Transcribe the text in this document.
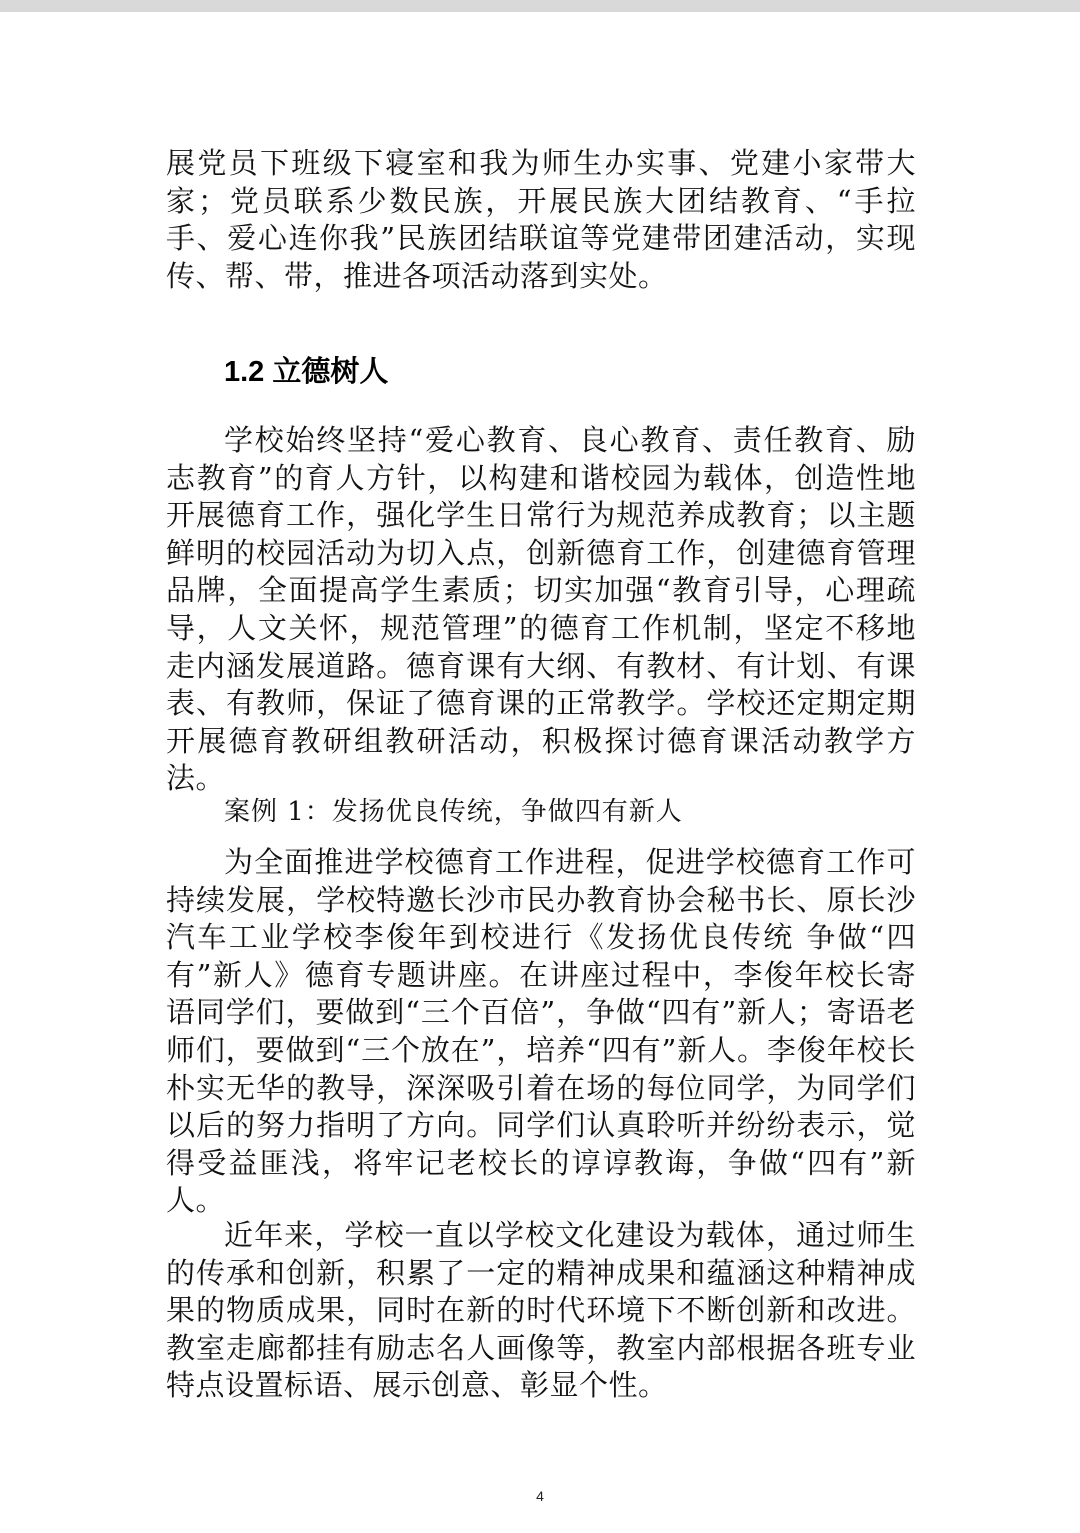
展党员下班级下寝室和我为师生办实事、党建小家带大家；党员联系少数民族，开展民族大团结教育、“手拉手、爱心连你我”民族团结联谊等党建带团建活动，实现传、帮、带，推进各项活动落到实处。

1.2 立德树人

学校始终坚持“爱心教育、良心教育、责任教育、励志教育”的育人方针，以构建和谐校园为载体，创造性地开展德育工作，强化学生日常行为规范养成教育；以主题鲜明的校园活动为切入点，创新德育工作，创建德育管理品牌，全面提高学生素质；切实加强“教育引导，心理疏导，人文关怀，规范管理”的德育工作机制，坚定不移地走内涵发展道路。德育课有大纲、有教材、有计划、有课表、有教师，保证了德育课的正常教学。学校还定期定期开展德育教研组教研活动，积极探讨德育课活动教学方法。

案例 1：发扬优良传统，争做四有新人

为全面推进学校德育工作进程，促进学校德育工作可持续发展，学校特邀长沙市民办教育协会秘书长、原长沙汽车工业学校李俊年到校进行《发扬优良传统 争做“四有”新人》德育专题讲座。在讲座过程中，李俊年校长寄语同学们，要做到“三个百倍”，争做“四有”新人；寄语老师们，要做到“三个放在”，培养“四有”新人。李俊年校长朴实无华的教导，深深吸引着在场的每位同学，为同学们以后的努力指明了方向。同学们认真聆听并纷纷表示，觉得受益匪浅，将牢记老校长的谆谆教诲，争做“四有”新人。

近年来，学校一直以学校文化建设为载体，通过师生的传承和创新，积累了一定的精神成果和蕴涵这种精神成果的物质成果，同时在新的时代环境下不断创新和改进。教室走廊都挂有励志名人画像等，教室内部根据各班专业特点设置标语、展示创意、彰显个性。

4
